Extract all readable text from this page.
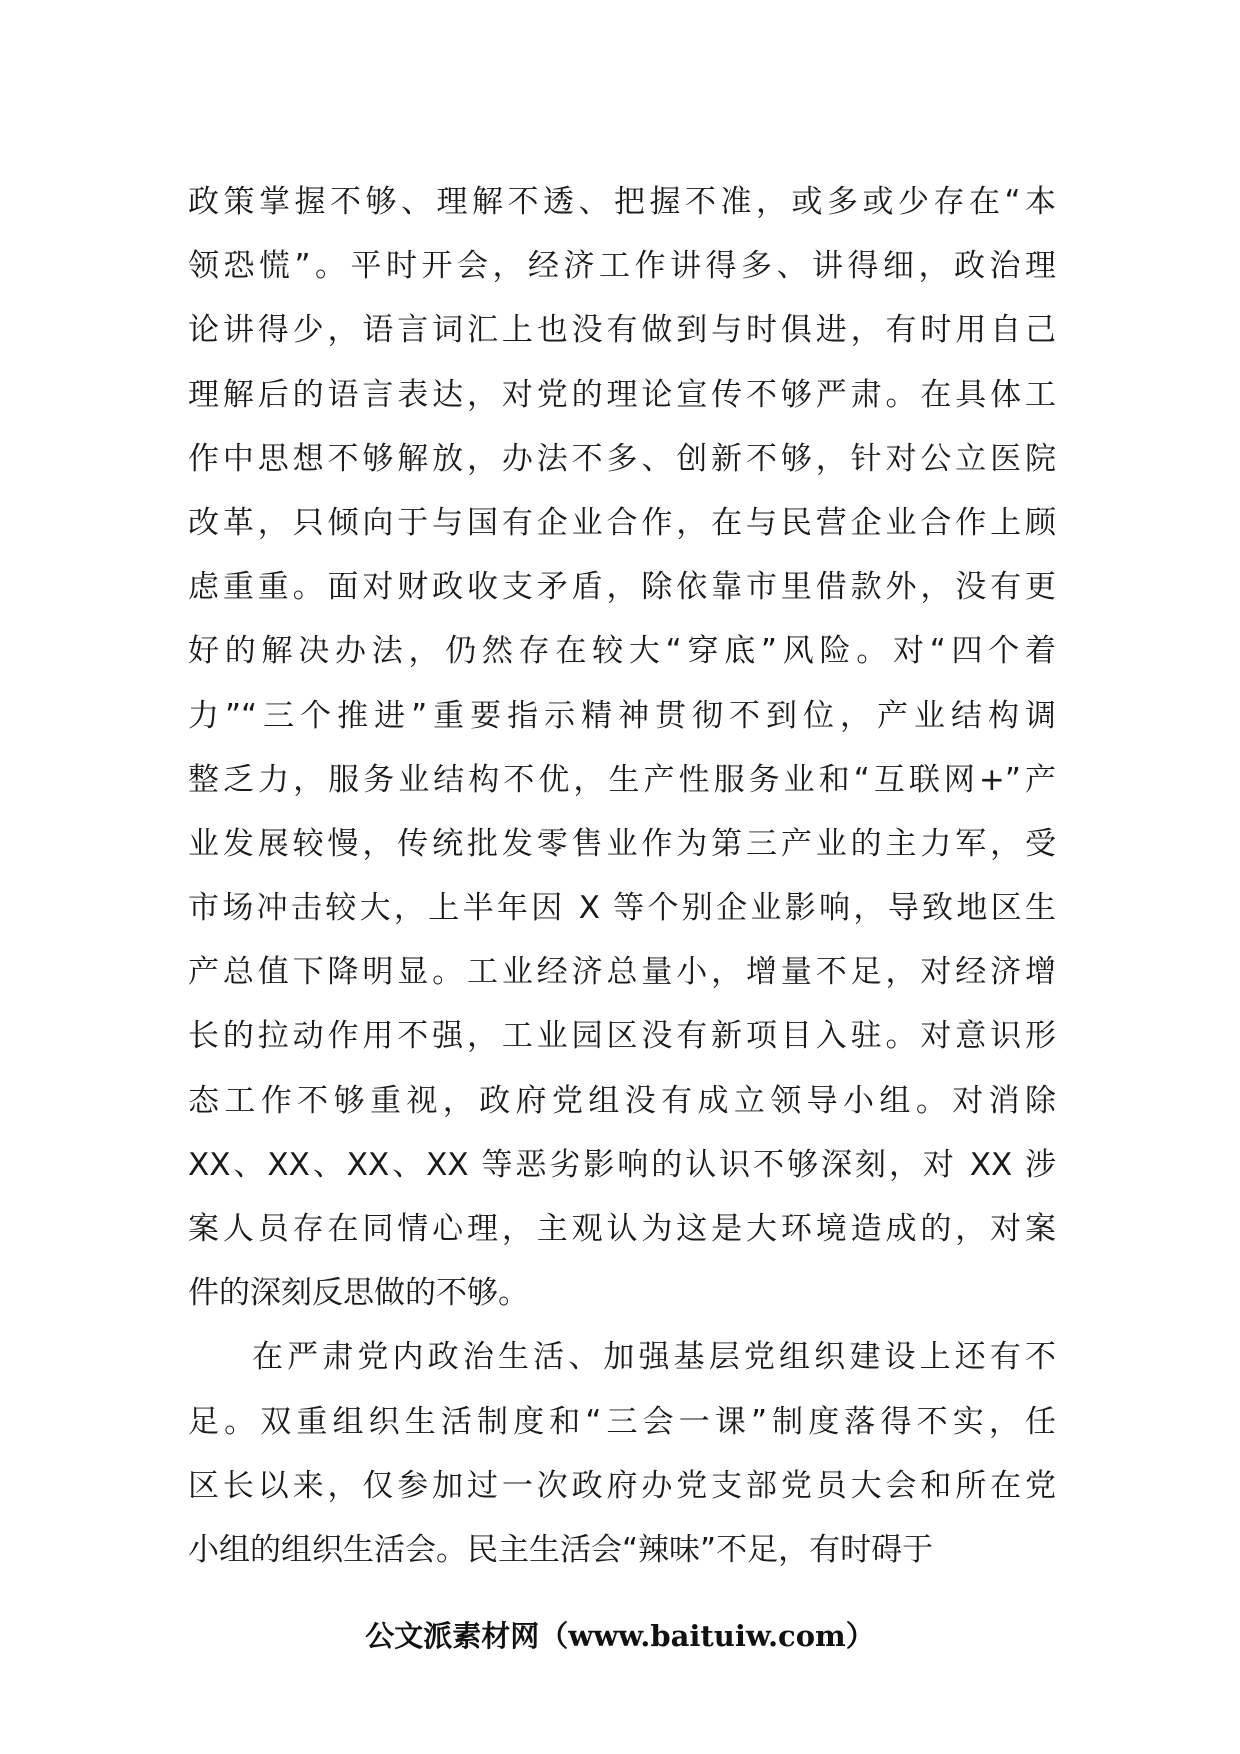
政策掌握不够、理解不透、把握不准，或多或少存在“本
领恐慌”。平时开会，经济工作讲得多、讲得细，政治理
论讲得少，语言词汇上也没有做到与时俱进，有时用自己
理解后的语言表达，对党的理论宣传不够严肃。在具体工
作中思想不够解放，办法不多、创新不够，针对公立医院
改革，只倾向于与国有企业合作，在与民营企业合作上顾
虑重重。面对财政收支矛盾，除依靠市里借款外，没有更
好的解决办法，仍然存在较大“穿底”风险。对“四个着
力”“三个推进”重要指示精神贯彻不到位，产业结构调
整乏力，服务业结构不优，生产性服务业和“互联网+”产
业发展较慢，传统批发零售业作为第三产业的主力军，受
市场冲击较大，上半年因 X 等个别企业影响，导致地区生
产总值下降明显。工业经济总量小，增量不足，对经济增
长的拉动作用不强，工业园区没有新项目入驻。对意识形
态工作不够重视，政府党组没有成立领导小组。对消除
XX、XX、XX、XX 等恶劣影响的认识不够深刻，对 XX 涉
案人员存在同情心理，主观认为这是大环境造成的，对案
件的深刻反思做的不够。
在严肃党内政治生活、加强基层党组织建设上还有不
足。双重组织生活制度和“三会一课”制度落得不实，任
区长以来，仅参加过一次政府办党支部党员大会和所在党
小组的组织生活会。民主生活会“辣味”不足，有时碍于
公文派素材网（www.baituiw.com）
